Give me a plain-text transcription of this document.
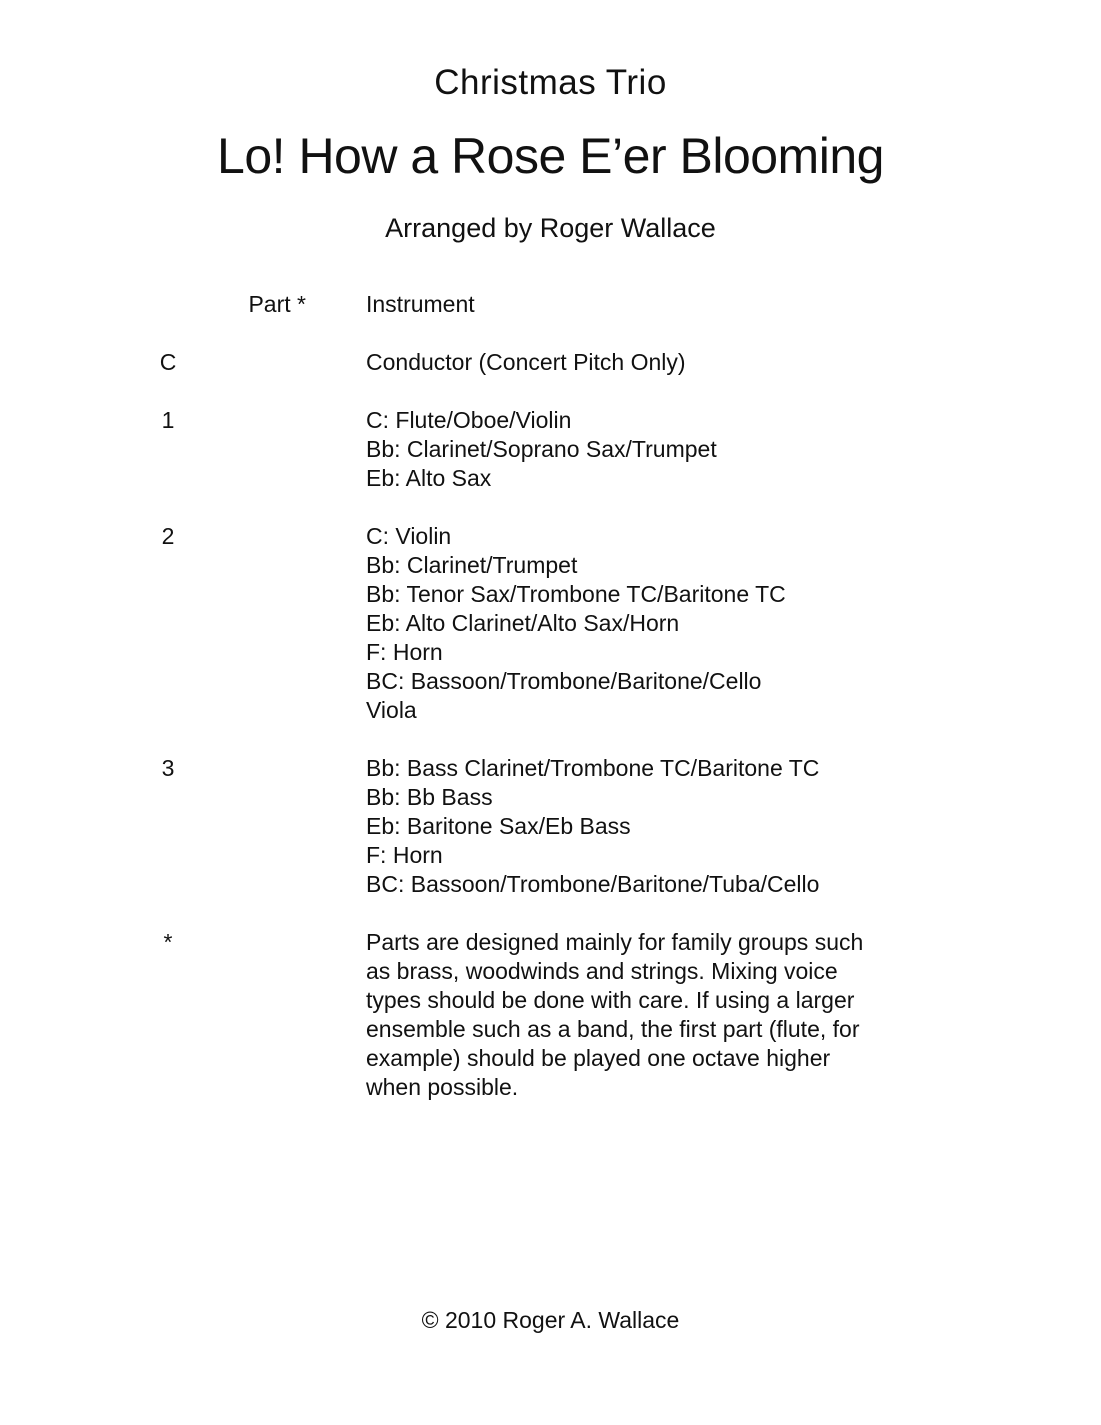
Christmas Trio
Lo! How a Rose E’er Blooming
Arranged by Roger Wallace
Part *	Instrument
C	Conductor (Concert Pitch Only)
1	C: Flute/Oboe/Violin
Bb: Clarinet/Soprano Sax/Trumpet
Eb: Alto Sax
2	C: Violin
Bb: Clarinet/Trumpet
Bb: Tenor Sax/Trombone TC/Baritone TC
Eb: Alto Clarinet/Alto Sax/Horn
F: Horn
BC: Bassoon/Trombone/Baritone/Cello
Viola
3	Bb: Bass Clarinet/Trombone TC/Baritone TC
Bb: Bb Bass
Eb: Baritone Sax/Eb Bass
F: Horn
BC: Bassoon/Trombone/Baritone/Tuba/Cello
*	Parts are designed mainly for family groups such as brass, woodwinds and strings. Mixing voice types should be done with care. If using a larger ensemble such as a band, the first part (flute, for example) should be played one octave higher when possible.
© 2010 Roger A. Wallace
